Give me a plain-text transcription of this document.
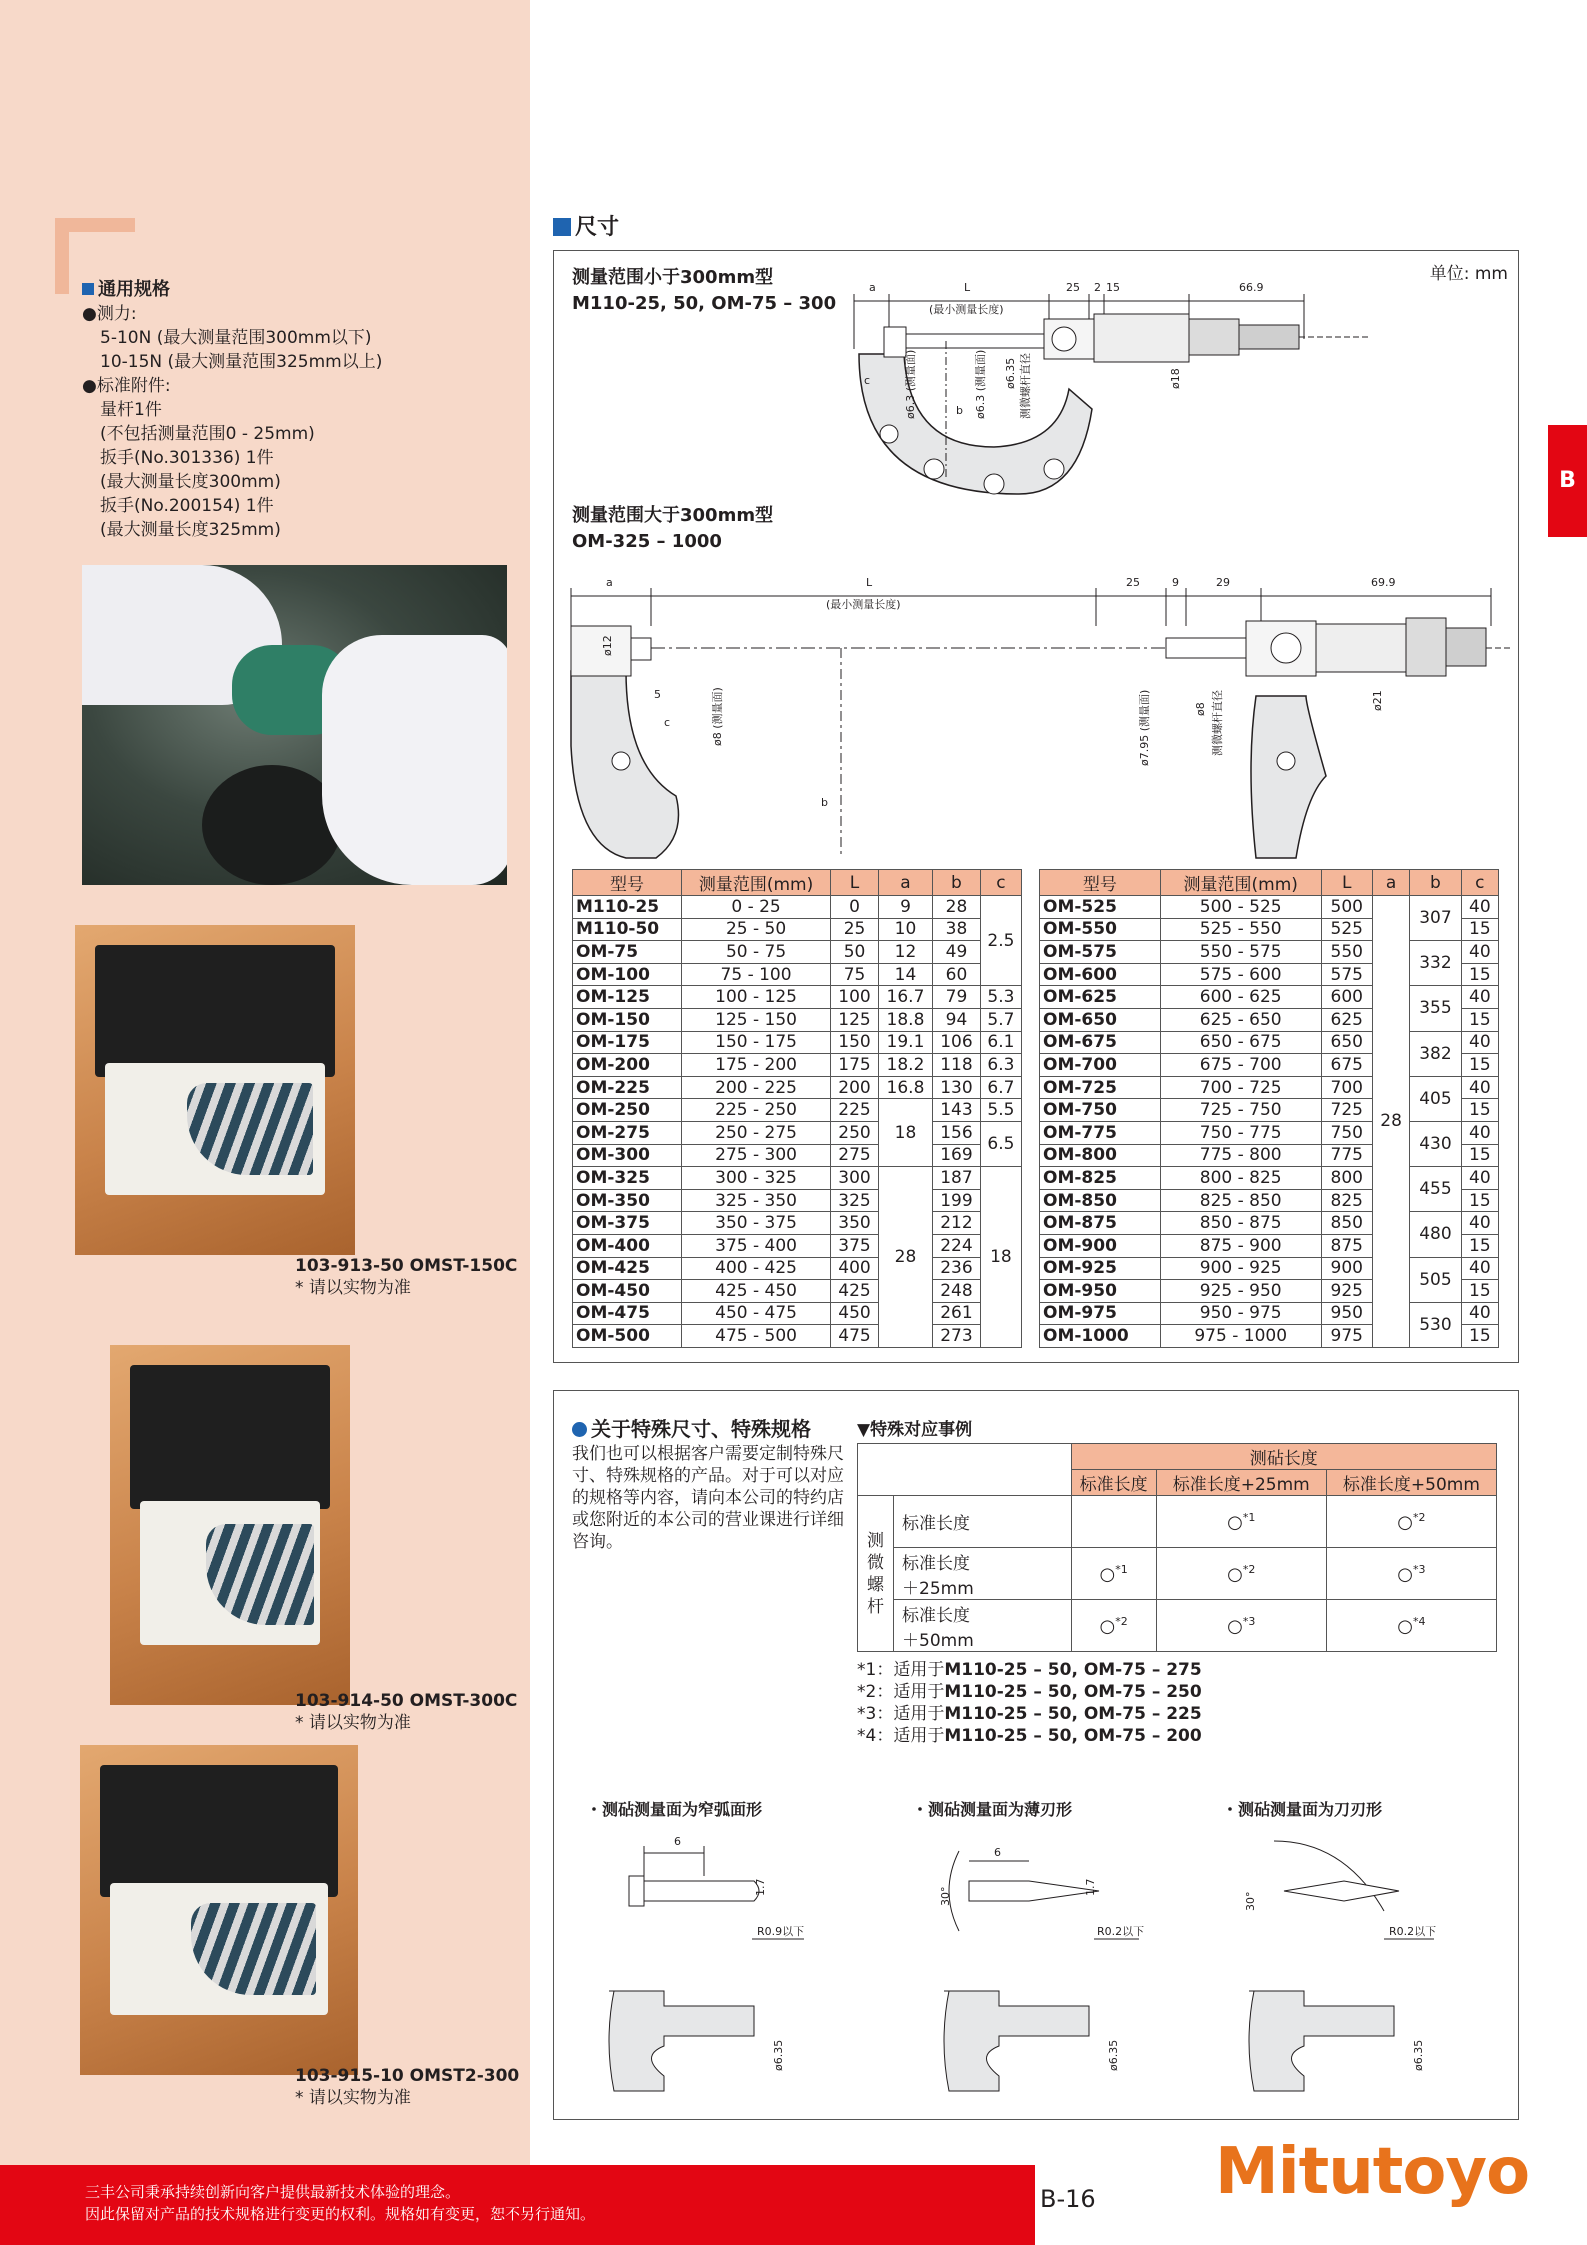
通用规格
●测力:
5-10N (最大测量范围300mm以下)
10-15N (最大测量范围325mm以上)
●标准附件:
量杆1件
(不包括测量范围0 - 25mm)
扳手(No.301336) 1件
(最大测量长度300mm)
扳手(No.200154) 1件
(最大测量长度325mm)
103-913-50 OMST-150C
* 请以实物为准
103-914-50 OMST-300C
* 请以实物为准
103-915-10 OMST2-300
* 请以实物为准
B
尺寸
单位: mm
测量范围小于300mm型
M110-25, 50, OM-75 – 300
a	L	25 2 15	66.9
(最小测量长度)
c
b
ø6.3 (测量面)	ø6.3 (测量面) ø6.35 测微螺杆直径	ø18
测量范围大于300mm型
OM-325 – 1000
a	L	25	9	29	69.9
(最小测量长度)
ø12
5
c	ø8 (测量面)
b
ø7.95 (测量面)	ø8 测微螺杆直径	ø21
型号	测量范围(mm)	L	a	b	c
M110-25	0 - 25	0	9	28	2.5
M110-50	25 - 50	25	10	38	
OM-75	50 - 75	50	12	49	
OM-100	75 - 100	75	14	60	
OM-125	100 - 125	100	16.7	79	5.3
OM-150	125 - 150	125	18.8	94	5.7
OM-175	150 - 175	150	19.1	106	6.1
OM-200	175 - 200	175	18.2	118	6.3
OM-225	200 - 225	200	16.8	130	6.7
OM-250	225 - 250	225	18	143	5.5
OM-275	250 - 275	250		156	6.5
OM-300	275 - 300	275		169	
OM-325	300 - 325	300	28	187	18
OM-350	325 - 350	325		199	
OM-375	350 - 375	350		212	
OM-400	375 - 400	375		224	
OM-425	400 - 425	400		236	
OM-450	425 - 450	425		248	
OM-475	450 - 475	450		261	
OM-500	475 - 500	475		273	
型号	测量范围(mm)	L	a	b	c
OM-525	500 - 525	500	28	307	40
OM-550	525 - 550	525			15
OM-575	550 - 575	550		332	40
OM-600	575 - 600	575			15
OM-625	600 - 625	600		355	40
OM-650	625 - 650	625			15
OM-675	650 - 675	650		382	40
OM-700	675 - 700	675			15
OM-725	700 - 725	700		405	40
OM-750	725 - 750	725			15
OM-775	750 - 775	750		430	40
OM-800	775 - 800	775			15
OM-825	800 - 825	800		455	40
OM-850	825 - 850	825			15
OM-875	850 - 875	850		480	40
OM-900	875 - 900	875			15
OM-925	900 - 925	900		505	40
OM-950	925 - 950	925			15
OM-975	950 - 975	950		530	40
OM-1000	975 - 1000	975			15
关于特殊尺寸、特殊规格
我们也可以根据客户需要定制特殊尺寸、特殊规格的产品。对于可以对应的规格等内容，请向本公司的特约店或您附近的本公司的营业课进行详细咨询。
▼特殊对应事例
		测砧长度		
		标准长度	标准长度+25mm	标准长度+50mm

测
微
螺
杆	标准长度		○$^{*1}$	○$^{*2}$
	标准长度
＋25mm	○$^{*1}$	○$^{*2}$	○$^{*3}$
	标准长度
＋50mm	○$^{*2}$	○$^{*3}$	○$^{*4}$
*1：适用于M110-25 – 50, OM-75 – 275
*2：适用于M110-25 – 50, OM-75 – 250
*3：适用于M110-25 – 50, OM-75 – 225
*4：适用于M110-25 – 50, OM-75 – 200
・测砧测量面为窄弧面形	・测砧测量面为薄刃形	・测砧测量面为刀刃形
6
1.7
R0.9以下
ø6.35
6
1.7
30°
R0.2以下
ø6.35
30°
R0.2以下
ø6.35
三丰公司秉承持续创新向客户提供最新技术体验的理念。
因此保留对产品的技术规格进行变更的权利。规格如有变更，恕不另行通知。
B-16 Mitutoyo
